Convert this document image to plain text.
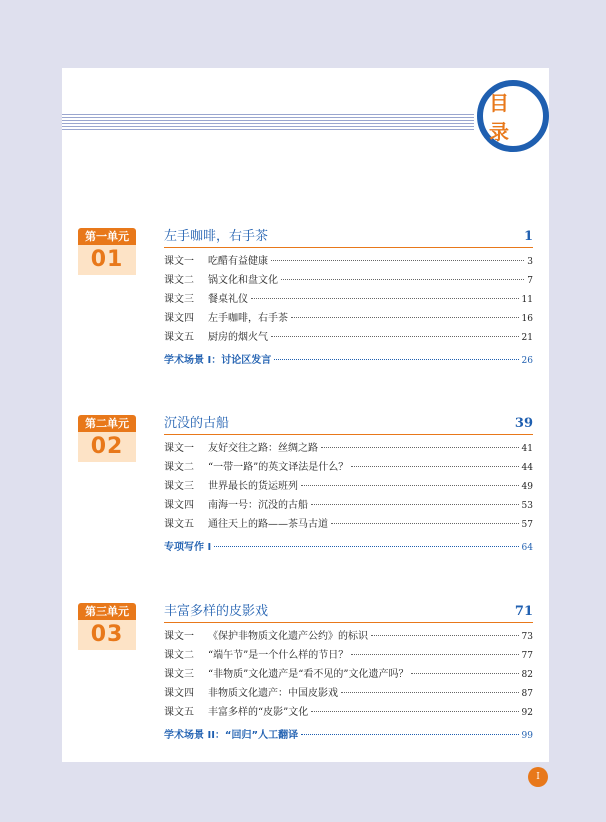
目 录
第一单元
01
左手咖啡，右手茶	1
课文一	吃醋有益健康	3
课文二	锅文化和盘文化	7
课文三	餐桌礼仪	11
课文四	左手咖啡，右手茶	16
课文五	厨房的烟火气	21
学术场景 I：讨论区发言	26
第二单元
02
沉没的古船	39
课文一	友好交往之路：丝绸之路	41
课文二	“一带一路”的英文译法是什么？	44
课文三	世界最长的货运班列	49
课文四	南海一号：沉没的古船	53
课文五	通往天上的路——茶马古道	57
专项写作 I	64
第三单元
03
丰富多样的皮影戏	71
课文一	《保护非物质文化遗产公约》的标识	73
课文二	“端午节”是一个什么样的节日？	77
课文三	“非物质”文化遗产是“看不见的”文化遗产吗？	82
课文四	非物质文化遗产：中国皮影戏	87
课文五	丰富多样的“皮影”文化	92
学术场景 II：“回归”人工翻译	99
I
